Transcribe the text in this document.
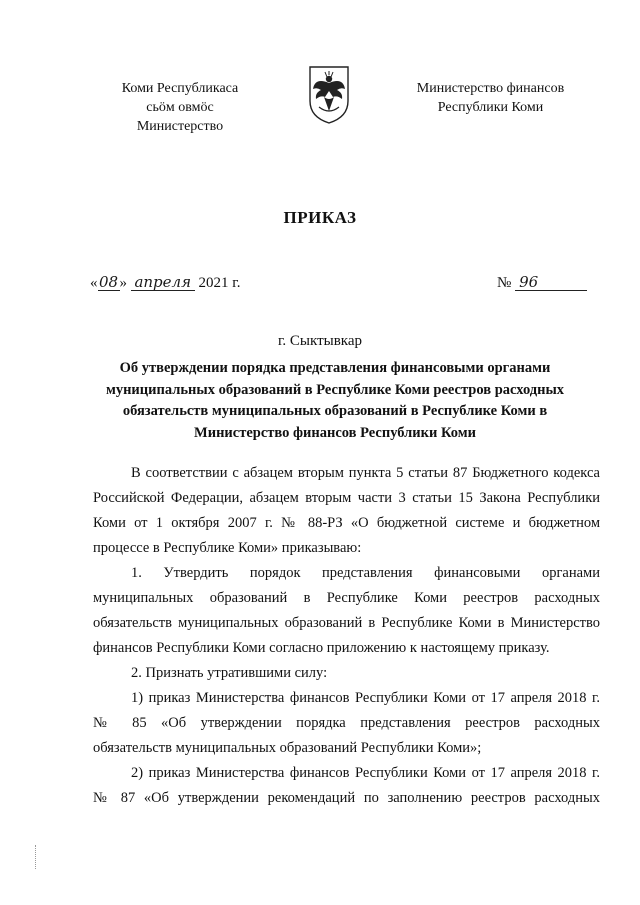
Коми Республикаса
сьӧм овмӧс
Министерство
Министерство финансов
Республики Коми
ПРИКАЗ
«08» апреля 2021 г.	№ 96
г. Сыктывкар
Об утверждении порядка представления финансовыми органами
муниципальных образований в Республике Коми реестров расходных
обязательств муниципальных образований в Республике Коми в
Министерство финансов Республики Коми
В соответствии с абзацем вторым пункта 5 статьи 87 Бюджетного кодекса
Российской Федерации, абзацем вторым части 3 статьи 15 Закона Республики
Коми от 1 октября 2007 г. № 88-РЗ «О бюджетной системе и бюджетном
процессе в Республике Коми» приказываю:
1. Утвердить порядок представления финансовыми органами
муниципальных образований в Республике Коми реестров расходных
обязательств муниципальных образований в Республике Коми в Министерство
финансов Республики Коми согласно приложению к настоящему приказу.
2. Признать утратившими силу:
1) приказ Министерства финансов Республики Коми от 17 апреля 2018 г.
№ 85 «Об утверждении порядка представления реестров расходных
обязательств муниципальных образований Республики Коми»;
2) приказ Министерства финансов Республики Коми от 17 апреля 2018 г.
№ 87 «Об утверждении рекомендаций по заполнению реестров расходных
